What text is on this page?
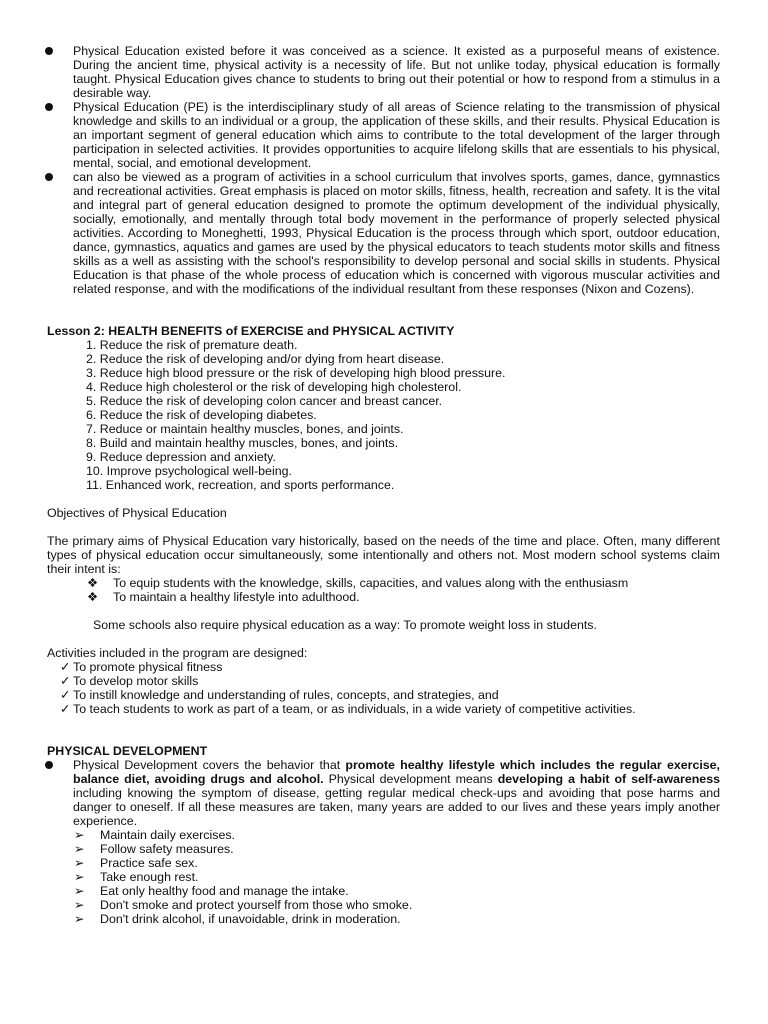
Physical Education existed before it was conceived as a science. It existed as a purposeful means of existence. During the ancient time, physical activity is a necessity of life. But not unlike today, physical education is formally taught. Physical Education gives chance to students to bring out their potential or how to respond from a stimulus in a desirable way.

Physical Education (PE) is the interdisciplinary study of all areas of Science relating to the transmission of physical knowledge and skills to an individual or a group, the application of these skills, and their results. Physical Education is an important segment of general education which aims to contribute to the total development of the larger through participation in selected activities. It provides opportunities to acquire lifelong skills that are essentials to his physical, mental, social, and emotional development.

can also be viewed as a program of activities in a school curriculum that involves sports, games, dance, gymnastics and recreational activities. Great emphasis is placed on motor skills, fitness, health, recreation and safety. It is the vital and integral part of general education designed to promote the optimum development of the individual physically, socially, emotionally, and mentally through total body movement in the performance of properly selected physical activities. According to Moneghetti, 1993, Physical Education is the process through which sport, outdoor education, dance, gymnastics, aquatics and games are used by the physical educators to teach students motor skills and fitness skills as a well as assisting with the school's responsibility to develop personal and social skills in students. Physical Education is that phase of the whole process of education which is concerned with vigorous muscular activities and related response, and with the modifications of the individual resultant from these responses (Nixon and Cozens).

Lesson 2: HEALTH BENEFITS of EXERCISE and PHYSICAL ACTIVITY

1. Reduce the risk of premature death.
2. Reduce the risk of developing and/or dying from heart disease.
3. Reduce high blood pressure or the risk of developing high blood pressure.
4. Reduce high cholesterol or the risk of developing high cholesterol.
5. Reduce the risk of developing colon cancer and breast cancer.
6. Reduce the risk of developing diabetes.
7. Reduce or maintain healthy muscles, bones, and joints.
8. Build and maintain healthy muscles, bones, and joints.
9. Reduce depression and anxiety.
10. Improve psychological well-being.
11. Enhanced work, recreation, and sports performance.

Objectives of Physical Education

The primary aims of Physical Education vary historically, based on the needs of the time and place. Often, many different types of physical education occur simultaneously, some intentionally and others not. Most modern school systems claim their intent is:

❖ To equip students with the knowledge, skills, capacities, and values along with the enthusiasm
❖ To maintain a healthy lifestyle into adulthood.

Some schools also require physical education as a way: To promote weight loss in students.

Activities included in the program are designed:

✓ To promote physical fitness
✓ To develop motor skills
✓ To instill knowledge and understanding of rules, concepts, and strategies, and
✓ To teach students to work as part of a team, or as individuals, in a wide variety of competitive activities.

PHYSICAL DEVELOPMENT

Physical Development covers the behavior that promote healthy lifestyle which includes the regular exercise, balance diet, avoiding drugs and alcohol. Physical development means developing a habit of self-awareness including knowing the symptom of disease, getting regular medical check-ups and avoiding that pose harms and danger to oneself. If all these measures are taken, many years are added to our lives and these years imply another experience.

➢ Maintain daily exercises.
➢ Follow safety measures.
➢ Practice safe sex.
➢ Take enough rest.
➢ Eat only healthy food and manage the intake.
➢ Don't smoke and protect yourself from those who smoke.
➢ Don't drink alcohol, if unavoidable, drink in moderation.
